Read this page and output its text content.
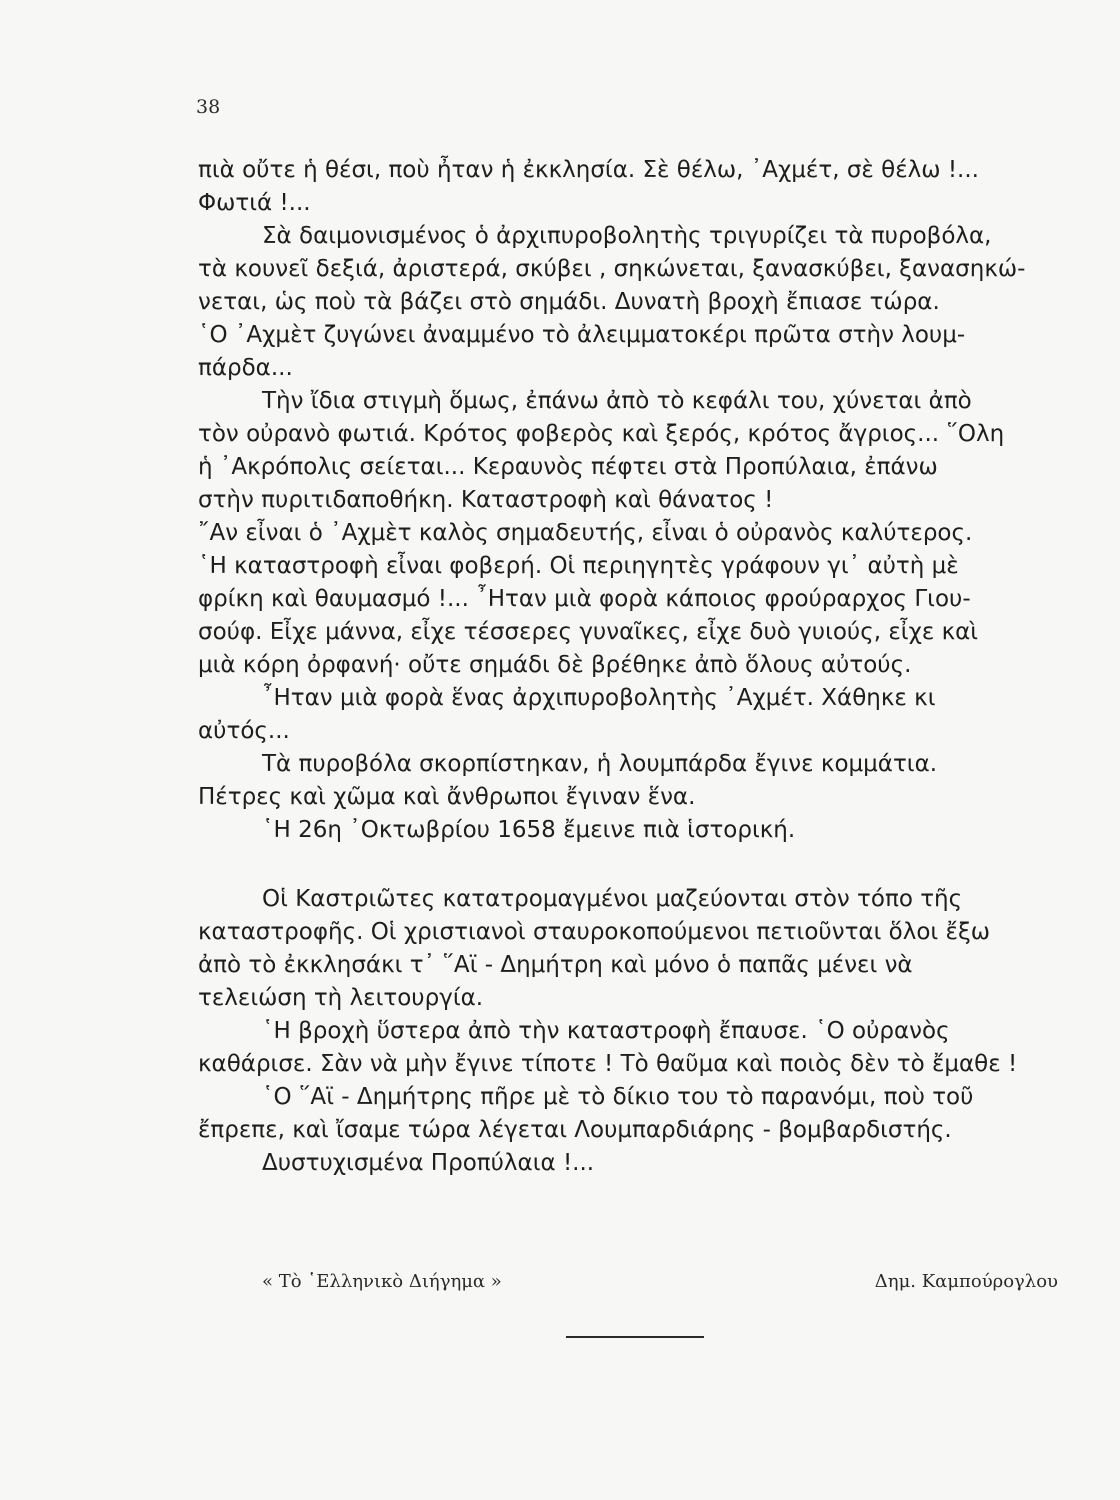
38
πιὰ οὔτε ἡ θέσι, ποὺ ἦταν ἡ ἐκκλησία. Σὲ θέλω, ᾿Αχμέτ, σὲ θέλω !...
Φωτιά !...
Σὰ δαιμονισμένος ὁ ἀρχιπυροβολητὴς τριγυρίζει τὰ πυροβόλα,
τὰ κουνεῖ δεξιά, ἀριστερά, σκύβει , σηκώνεται, ξανασκύβει, ξανασηκώ-
νεται, ὡς ποὺ τὰ βάζει στὸ σημάδι. Δυνατὴ βροχὴ ἔπιασε τώρα.
῾Ο ᾿Αχμὲτ ζυγώνει ἀναμμένο τὸ ἀλειμματοκέρι πρῶτα στὴν λουμ-
πάρδα...
Τὴν ἴδια στιγμὴ ὅμως, ἐπάνω ἀπὸ τὸ κεφάλι του, χύνεται ἀπὸ
τὸν οὐρανὸ φωτιά. Κρότος φοβερὸς καὶ ξερός, κρότος ἄγριος... ῞Ολη
ἡ ᾿Ακρόπολις σείεται... Κεραυνὸς πέφτει στὰ Προπύλαια, ἐπάνω
στὴν πυριτιδαποθήκη. Καταστροφὴ καὶ θάνατος !
῎Αν εἶναι ὁ ᾿Αχμὲτ καλὸς σημαδευτής, εἶναι ὁ οὐρανὸς καλύτερος.
῾Η καταστροφὴ εἶναι φοβερή. Οἱ περιηγητὲς γράφουν γι᾿ αὐτὴ μὲ
φρίκη καὶ θαυμασμό !... ῏Ηταν μιὰ φορὰ κάποιος φρούραρχος Γιου-
σούφ. Εἶχε μάννα, εἶχε τέσσερες γυναῖκες, εἶχε δυὸ γυιούς, εἶχε καὶ
μιὰ κόρη ὀρφανή· οὔτε σημάδι δὲ βρέθηκε ἀπὸ ὅλους αὐτούς.
῏Ηταν μιὰ φορὰ ἕνας ἀρχιπυροβολητὴς ᾿Αχμέτ. Χάθηκε κι
αὐτός...
Τὰ πυροβόλα σκορπίστηκαν, ἡ λουμπάρδα ἔγινε κομμάτια.
Πέτρες καὶ χῶμα καὶ ἄνθρωποι ἔγιναν ἕνα.
῾Η 26η ᾿Οκτωβρίου 1658 ἔμεινε πιὰ ἱστορική.
Οἱ Καστριῶτες κατατρομαγμένοι μαζεύονται στὸν τόπο τῆς
καταστροφῆς. Οἱ χριστιανοὶ σταυροκοπούμενοι πετιοῦνται ὅλοι ἔξω
ἀπὸ τὸ ἐκκλησάκι τ᾿ ῞Αϊ - Δημήτρη καὶ μόνο ὁ παπᾶς μένει νὰ
τελειώση τὴ λειτουργία.
῾Η βροχὴ ὕστερα ἀπὸ τὴν καταστροφὴ ἔπαυσε. ῾Ο οὐρανὸς
καθάρισε. Σὰν νὰ μὴν ἔγινε τίποτε ! Τὸ θαῦμα καὶ ποιὸς δὲν τὸ ἔμαθε !
῾Ο ῞Αϊ - Δημήτρης πῆρε μὲ τὸ δίκιο του τὸ παρανόμι, ποὺ τοῦ
ἔπρεπε, καὶ ἴσαμε τώρα λέγεται Λουμπαρδιάρης - βομβαρδιστής.
Δυστυχισμένα Προπύλαια !...
« Τὸ ῾Ελληνικὸ Διήγημα »	Δημ. Καμπούρογλου
